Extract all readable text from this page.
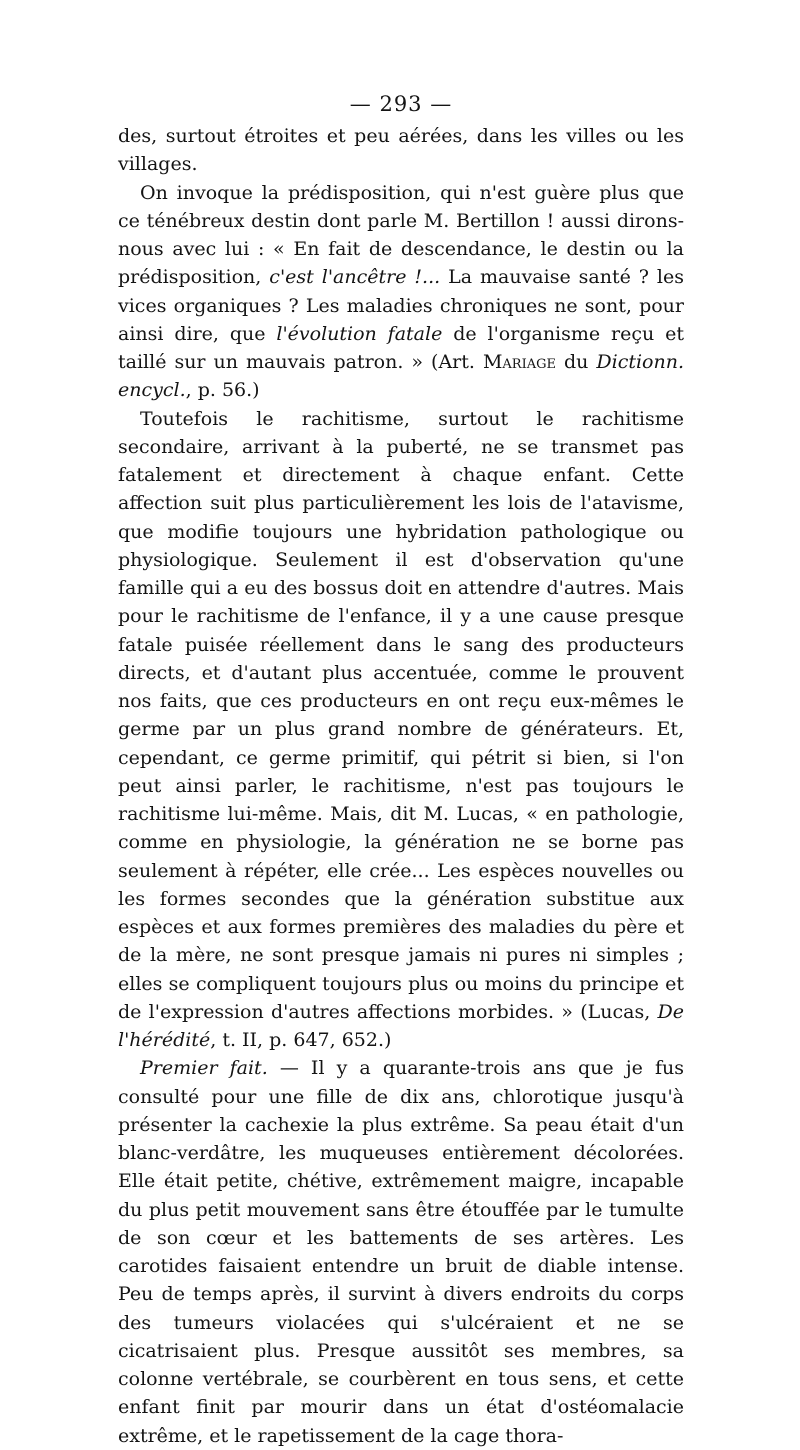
— 293 —

des, surtout étroites et peu aérées, dans les villes ou les villages.

On invoque la prédisposition, qui n'est guère plus que ce ténébreux destin dont parle M. Bertillon ! aussi dirons-nous avec lui : « En fait de descendance, le destin ou la prédisposition, c'est l'ancêtre !... La mauvaise santé ? les vices organiques ? Les maladies chroniques ne sont, pour ainsi dire, que l'évolution fatale de l'organisme reçu et taillé sur un mauvais patron. » (Art. Mariage du Dictionn. encycl., p. 56.)

Toutefois le rachitisme, surtout le rachitisme secondaire, arrivant à la puberté, ne se transmet pas fatalement et directement à chaque enfant. Cette affection suit plus particulièrement les lois de l'atavisme, que modifie toujours une hybridation pathologique ou physiologique. Seulement il est d'observation qu'une famille qui a eu des bossus doit en attendre d'autres. Mais pour le rachitisme de l'enfance, il y a une cause presque fatale puisée réellement dans le sang des producteurs directs, et d'autant plus accentuée, comme le prouvent nos faits, que ces producteurs en ont reçu eux-mêmes le germe par un plus grand nombre de générateurs. Et, cependant, ce germe primitif, qui pétrit si bien, si l'on peut ainsi parler, le rachitisme, n'est pas toujours le rachitisme lui-même. Mais, dit M. Lucas, « en pathologie, comme en physiologie, la génération ne se borne pas seulement à répéter, elle crée... Les espèces nouvelles ou les formes secondes que la génération substitue aux espèces et aux formes premières des maladies du père et de la mère, ne sont presque jamais ni pures ni simples ; elles se compliquent toujours plus ou moins du principe et de l'expression d'autres affections morbides. » (Lucas, De l'hérédité, t. II, p. 647, 652.)

Premier fait. — Il y a quarante-trois ans que je fus consulté pour une fille de dix ans, chlorotique jusqu'à présenter la cachexie la plus extrême. Sa peau était d'un blanc-verdâtre, les muqueuses entièrement décolorées. Elle était petite, chétive, extrêmement maigre, incapable du plus petit mouvement sans être étouffée par le tumulte de son cœur et les battements de ses artères. Les carotides faisaient entendre un bruit de diable intense. Peu de temps après, il survint à divers endroits du corps des tumeurs violacées qui s'ulcéraient et ne se cicatrisaient plus. Presque aussitôt ses membres, sa colonne vertébrale, se courbèrent en tous sens, et cette enfant finit par mourir dans un état d'ostéomalacie extrême, et le rapetissement de la cage thora-
